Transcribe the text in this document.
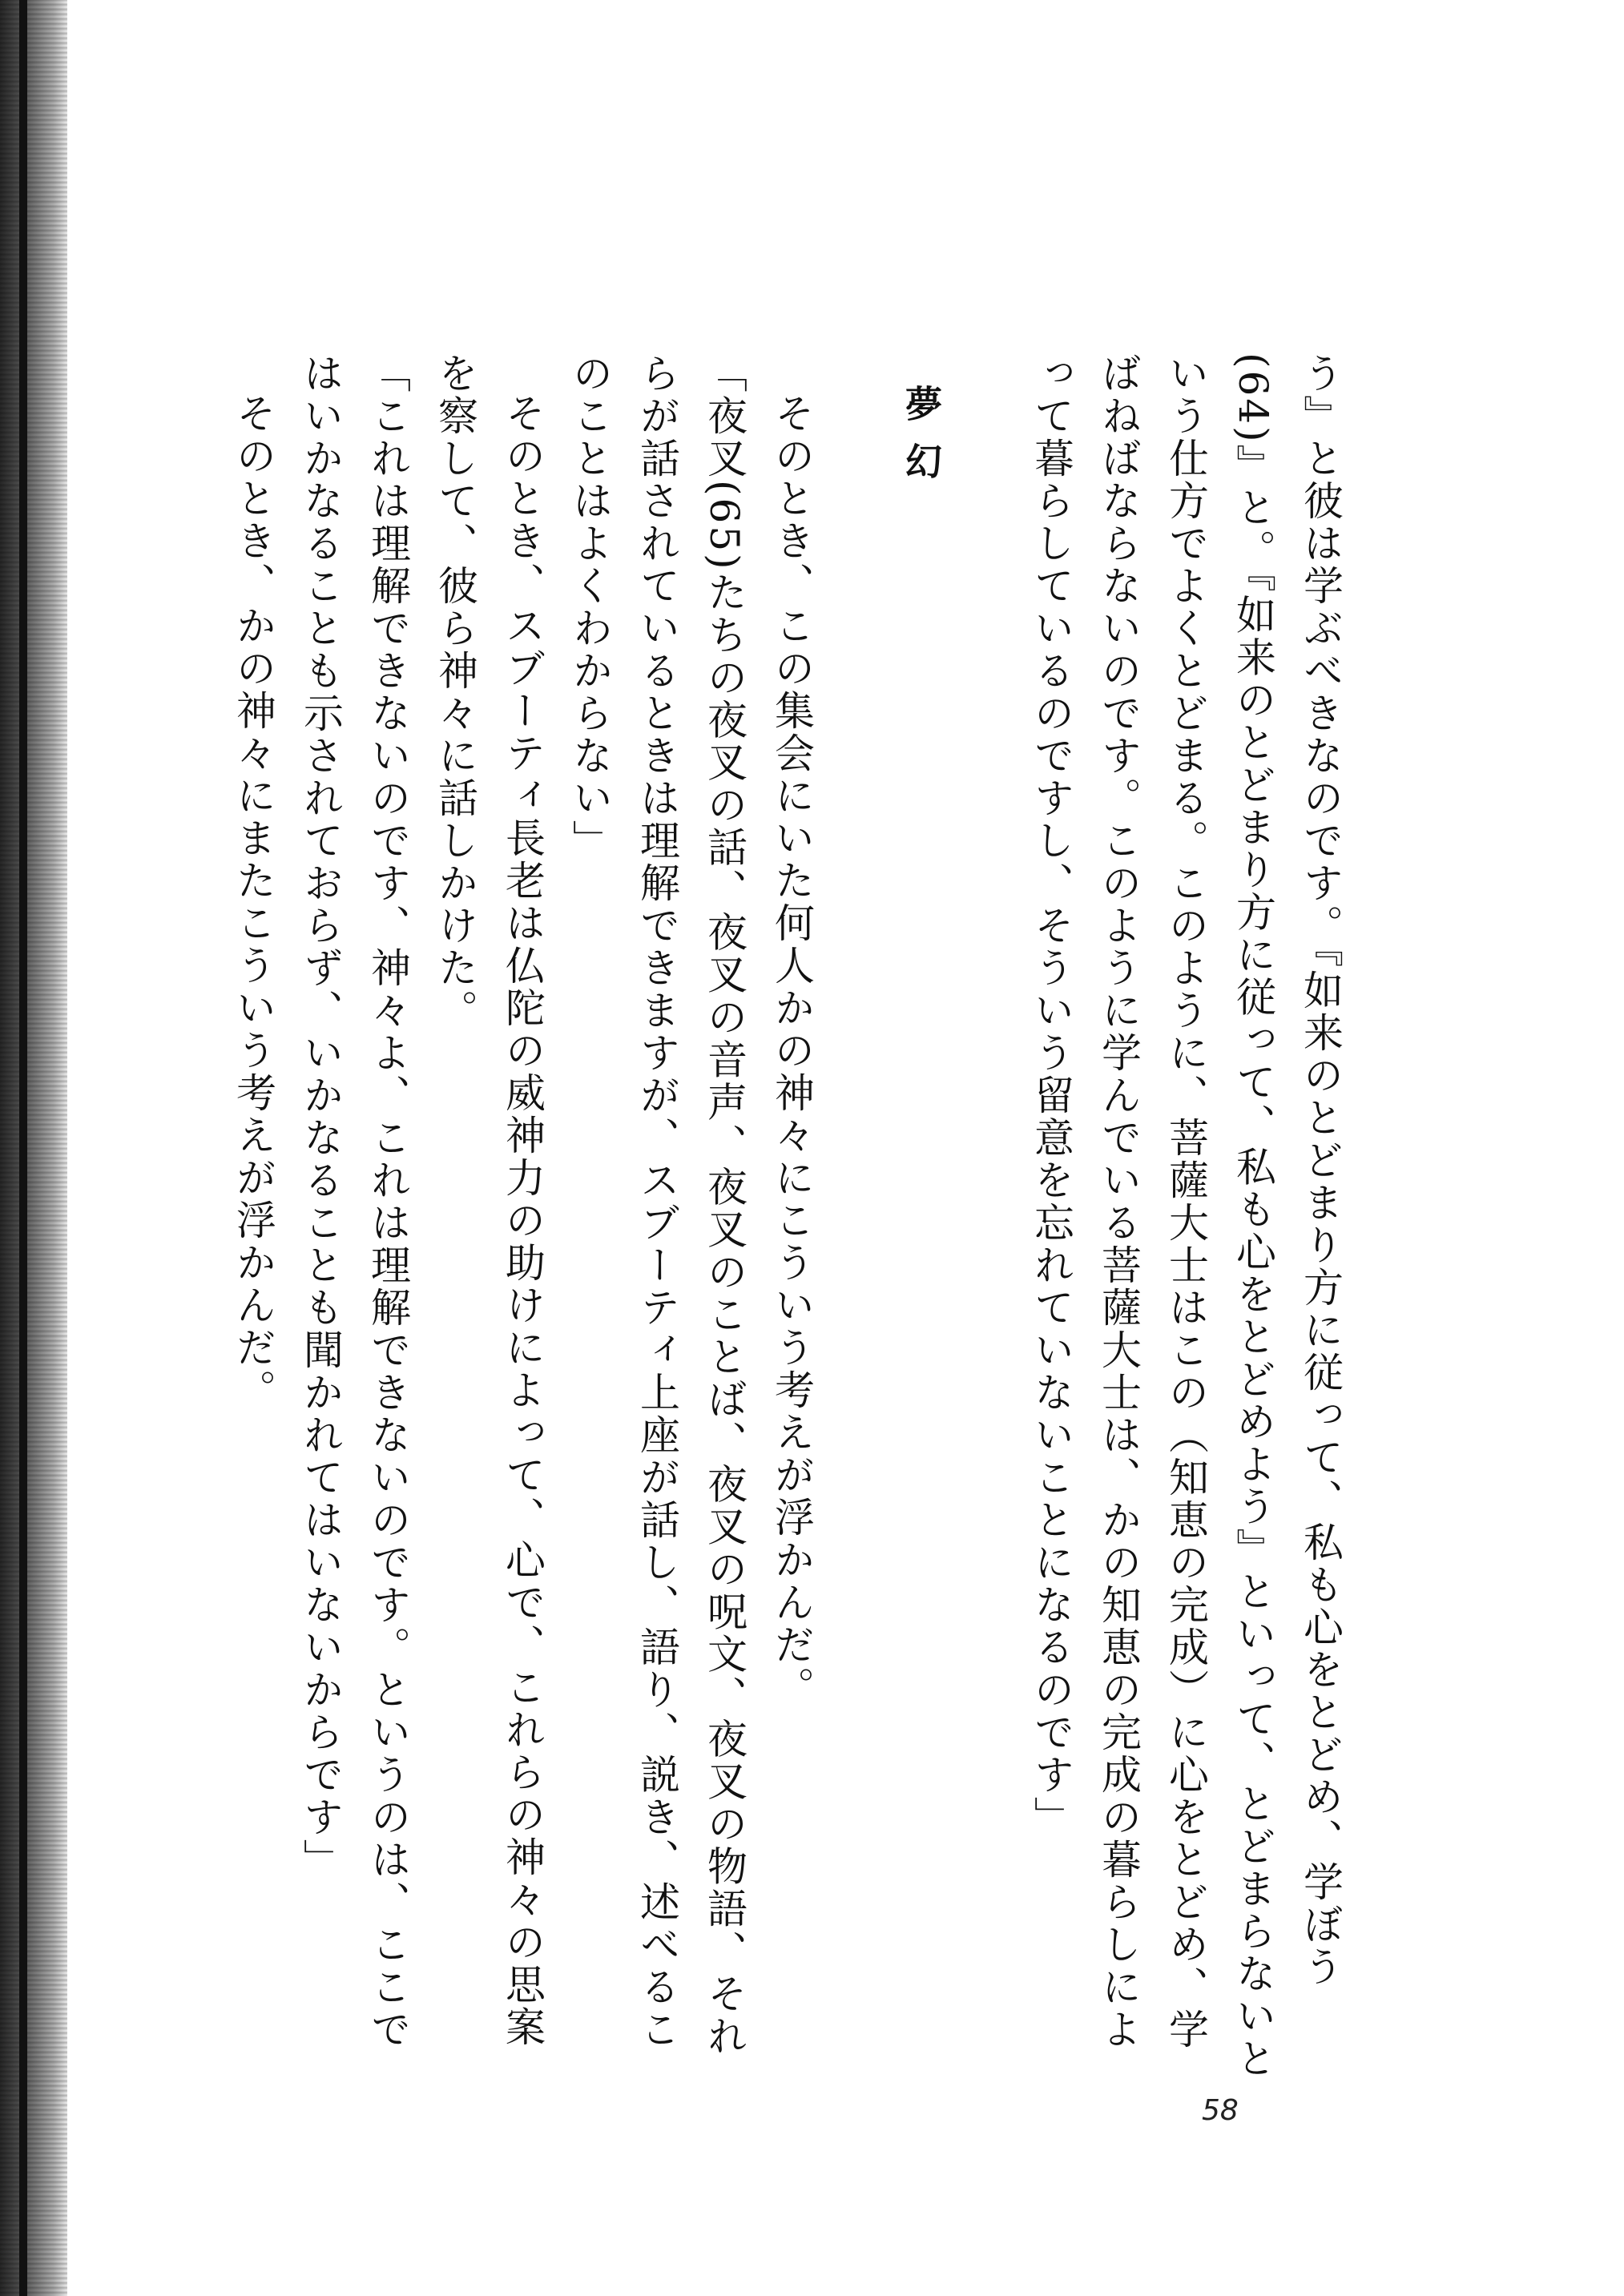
う』と彼は学ぶべきなのです。『如来のとどまり方に従って、私も心をとどめ、学ぼう(64)』と。『如来のとどまり方に従って、私も心をとどめよう』といって、とどまらないという仕方でよくとどまる。このように、菩薩大士はこの（知恵の完成）に心をとどめ、学ばねばならないのです。このように学んでいる菩薩大士は、かの知恵の完成の暮らしによって暮らしているのですし、そういう留意を忘れていないことになるのです」

夢幻

そのとき、この集会にいた何人かの神々にこういう考えが浮かんだ。

「夜叉(65)たちの夜叉の話、夜叉の音声、夜叉のことば、夜叉の呪文、夜叉の物語、それらが話されているときは理解できますが、スブーティ上座が話し、語り、説き、述べるこのことはよくわからない」

そのとき、スブーティ長老は仏陀の威神力の助けによって、心で、これらの神々の思案を察して、彼ら神々に話しかけた。

「これは理解できないのです、神々よ、これは理解できないのです。というのは、ここではいかなることも示されておらず、いかなることも聞かれてはいないからです」

そのとき、かの神々にまたこういう考えが浮かんだ。

58
